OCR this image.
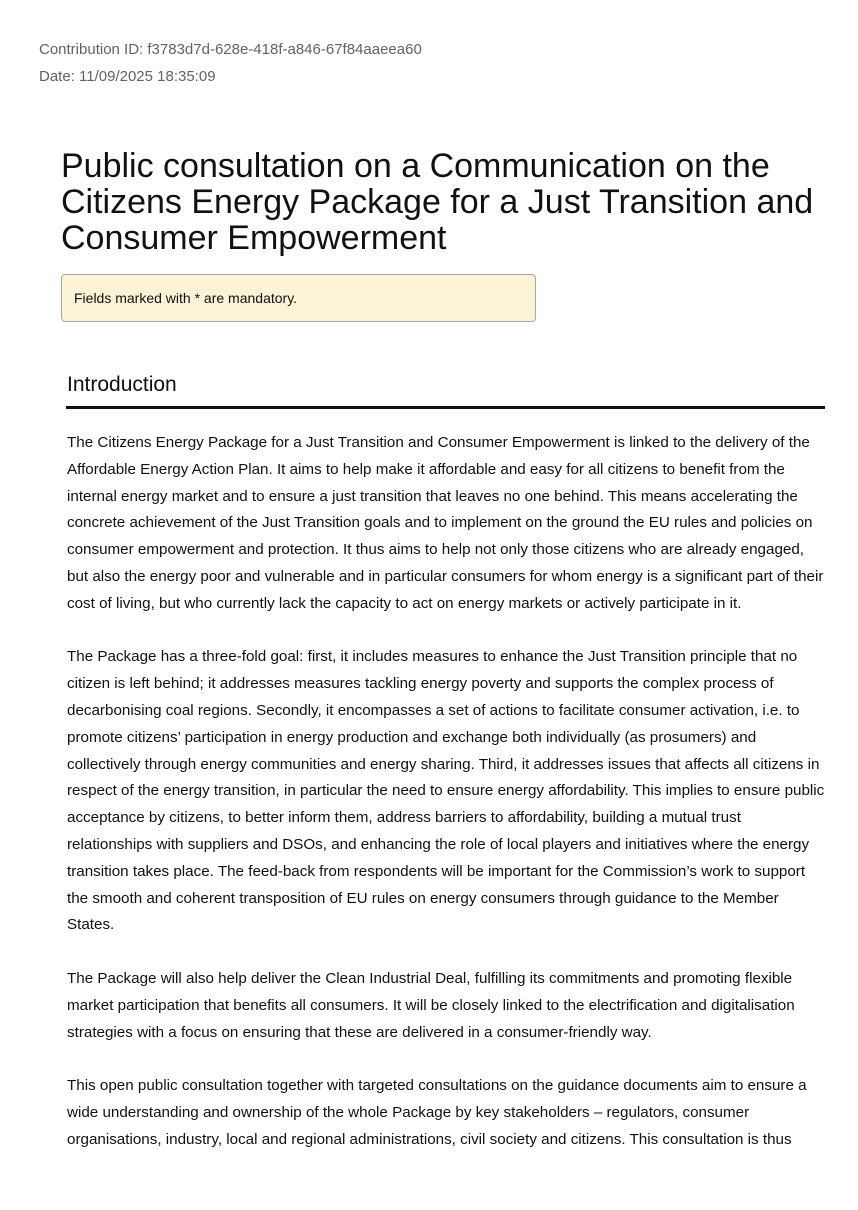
Contribution ID: f3783d7d-628e-418f-a846-67f84aaeea60
Date: 11/09/2025 18:35:09
Public consultation on a Communication on the Citizens Energy Package for a Just Transition and Consumer Empowerment
Fields marked with * are mandatory.
Introduction

The Citizens Energy Package for a Just Transition and Consumer Empowerment is linked to the delivery of the Affordable Energy Action Plan. It aims to help make it affordable and easy for all citizens to benefit from the internal energy market and to ensure a just transition that leaves no one behind. This means accelerating the concrete achievement of the Just Transition goals and to implement on the ground the EU rules and policies on consumer empowerment and protection. It thus aims to help not only those citizens who are already engaged, but also the energy poor and vulnerable and in particular consumers for whom energy is a significant part of their cost of living, but who currently lack the capacity to act on energy markets or actively participate in it.

The Package has a three-fold goal: first, it includes measures to enhance the Just Transition principle that no citizen is left behind; it addresses measures tackling energy poverty and supports the complex process of decarbonising coal regions. Secondly, it encompasses a set of actions to facilitate consumer activation, i.e. to promote citizens’ participation in energy production and exchange both individually (as prosumers) and collectively through energy communities and energy sharing. Third, it addresses issues that affects all citizens in respect of the energy transition, in particular the need to ensure energy affordability. This implies to ensure public acceptance by citizens, to better inform them, address barriers to affordability, building a mutual trust relationships with suppliers and DSOs, and enhancing the role of local players and initiatives where the energy transition takes place. The feed-back from respondents will be important for the Commission’s work to support the smooth and coherent transposition of EU rules on energy consumers through guidance to the Member States.

The Package will also help deliver the Clean Industrial Deal, fulfilling its commitments and promoting flexible market participation that benefits all consumers. It will be closely linked to the electrification and digitalisation strategies with a focus on ensuring that these are delivered in a consumer-friendly way.

This open public consultation together with targeted consultations on the guidance documents aim to ensure a wide understanding and ownership of the whole Package by key stakeholders – regulators, consumer organisations, industry, local and regional administrations, civil society and citizens. This consultation is thus
